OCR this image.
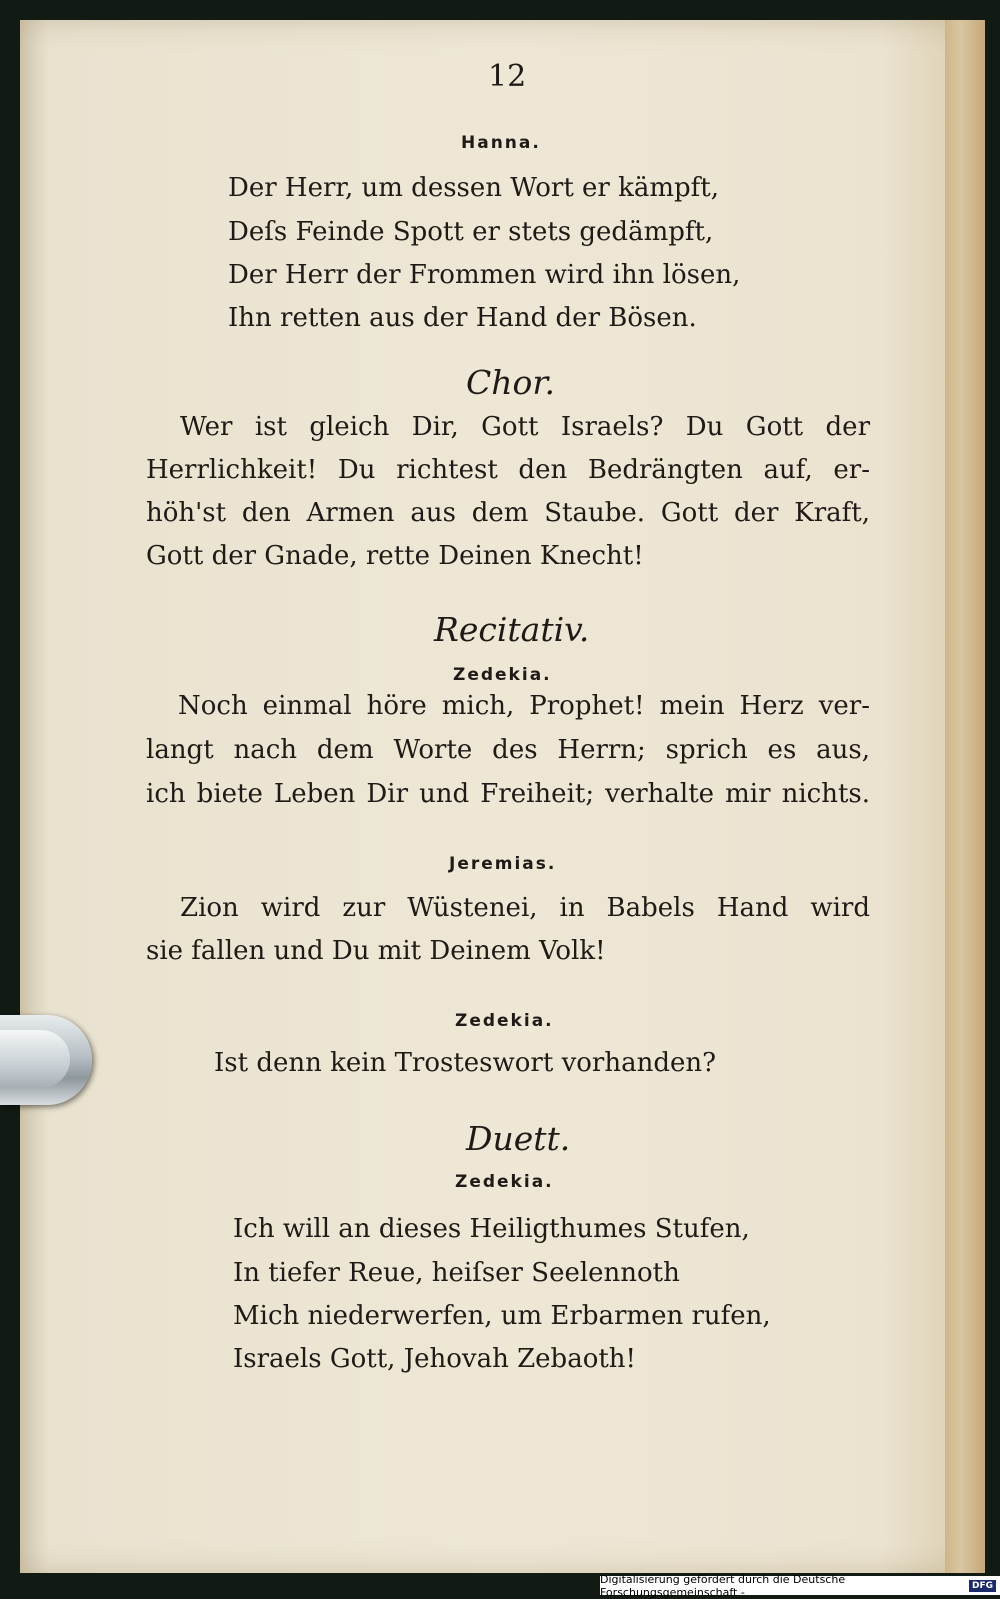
12

Hanna.

Der Herr, um dessen Wort er kämpft,

Deſs Feinde Spott er stets gedämpft,

Der Herr der Frommen wird ihn lösen,

Ihn retten aus der Hand der Bösen.

Chor.

Wer ist gleich Dir, Gott Israels? Du Gott der

Herrlichkeit! Du richtest den Bedrängten auf, er-

höh'st den Armen aus dem Staube. Gott der Kraft,

Gott der Gnade, rette Deinen Knecht!

Recitativ.

Zedekia.

Noch einmal höre mich, Prophet! mein Herz ver-

langt nach dem Worte des Herrn; sprich es aus,

ich biete Leben Dir und Freiheit; verhalte mir nichts.

Jeremias.

Zion wird zur Wüstenei, in Babels Hand wird

sie fallen und Du mit Deinem Volk!

Zedekia.

Ist denn kein Trosteswort vorhanden?

Duett.

Zedekia.

Ich will an dieses Heiligthumes Stufen,

In tiefer Reue, heiſser Seelennoth

Mich niederwerfen, um Erbarmen rufen,

Israels Gott, Jehovah Zebaoth!

Digitalisierung gefördert durch die Deutsche Forschungsgemeinschaft -	DFG
